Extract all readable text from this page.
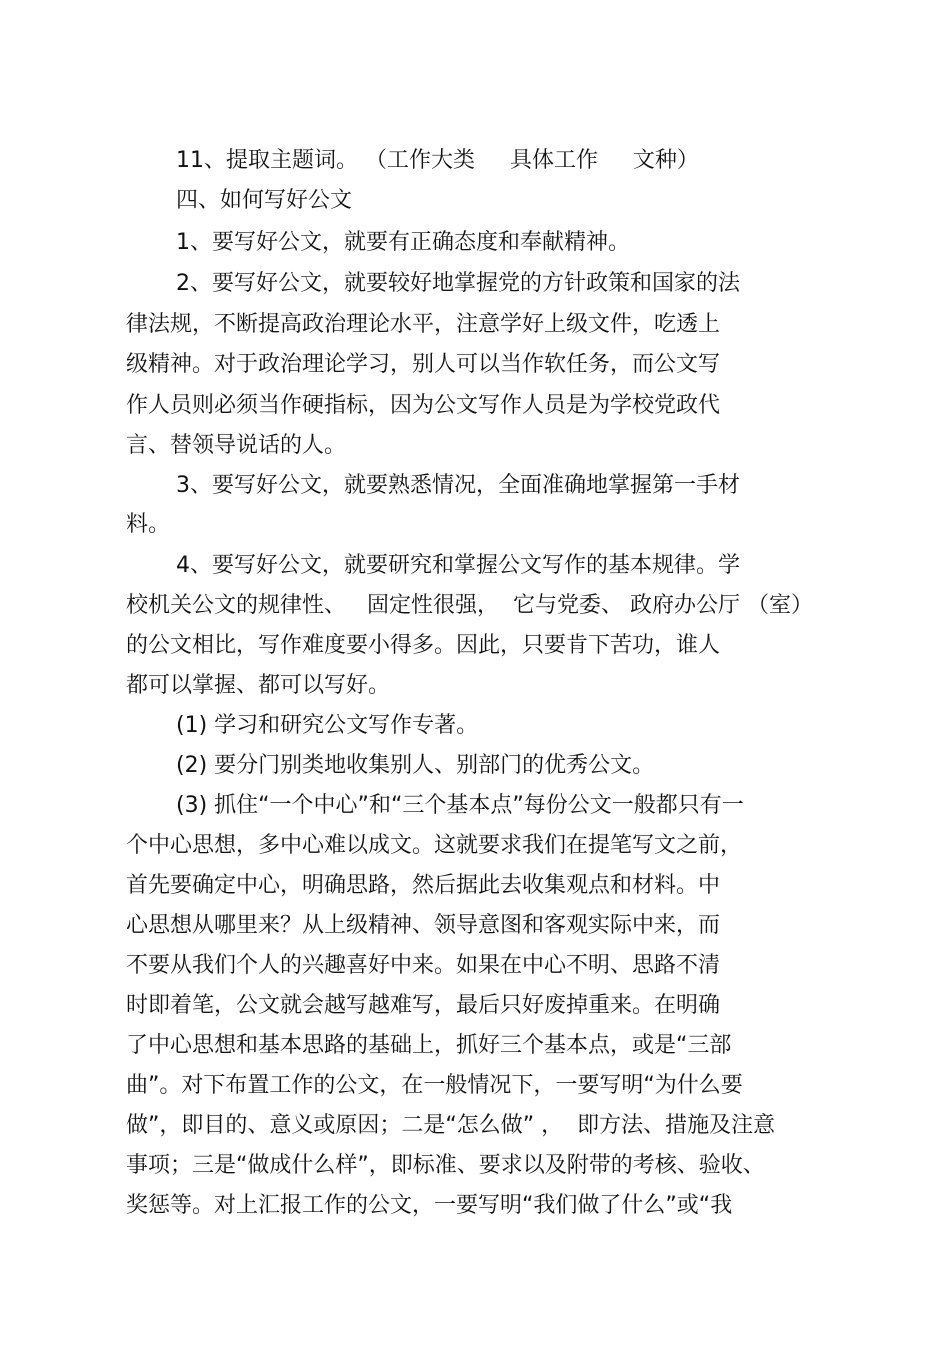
11、提取主题词。 （工作大类     具体工作     文种）

四、如何写好公文

1、要写好公文，就要有正确态度和奉献精神。

2、要写好公文，就要较好地掌握党的方针政策和国家的法

律法规，不断提高政治理论水平，注意学好上级文件，吃透上

级精神。对于政治理论学习，别人可以当作软任务，而公文写

作人员则必须当作硬指标，因为公文写作人员是为学校党政代

言、替领导说话的人。

3、要写好公文，就要熟悉情况，全面准确地掌握第一手材

料。

4、要写好公文，就要研究和掌握公文写作的基本规律。学

校机关公文的规律性、   固定性很强，  它与党委、 政府办公厅 （室）

的公文相比，写作难度要小得多。因此，只要肯下苦功，谁人

都可以掌握、都可以写好。

(1) 学习和研究公文写作专著。

(2) 要分门别类地收集别人、别部门的优秀公文。

(3) 抓住“一个中心”和“三个基本点”每份公文一般都只有一

个中心思想，多中心难以成文。这就要求我们在提笔写文之前，

首先要确定中心，明确思路，然后据此去收集观点和材料。中

心思想从哪里来？从上级精神、领导意图和客观实际中来，而

不要从我们个人的兴趣喜好中来。如果在中心不明、思路不清

时即着笔，公文就会越写越难写，最后只好废掉重来。在明确

了中心思想和基本思路的基础上，抓好三个基本点，或是“三部

曲”。对下布置工作的公文，在一般情况下，一要写明“为什么要

做”，即目的、意义或原因；二是“怎么做” ，  即方法、措施及注意

事项；三是“做成什么样”，即标准、要求以及附带的考核、验收、

奖惩等。对上汇报工作的公文，一要写明“我们做了什么”或“我
